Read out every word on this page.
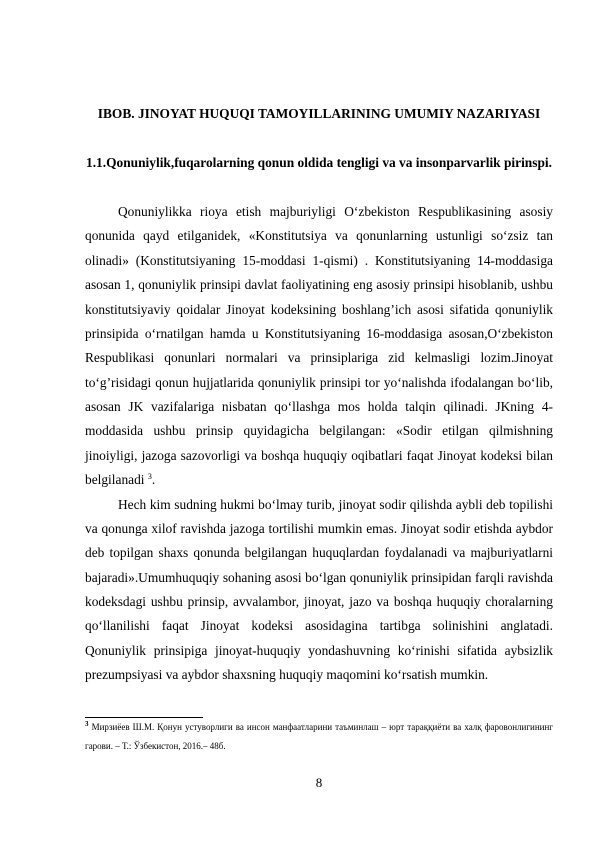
IBOB. JINOYAT HUQUQI TAMOYILLARINING UMUMIY NAZARIYASI
1.1.Qonuniylik,fuqarolarning qonun oldida tengligi va va insonparvarlik pirinspi.

Qonuniylikka rioya etish majburiyligi O‘zbekiston Respublikasining asosiy qonunida qayd etilganidek, «Konstitutsiya va qonunlarning ustunligi so‘zsiz tan olinadi» (Konstitutsiyaning 15-moddasi 1-qismi) . Konstitutsiyaning 14-moddasiga asosan 1, qonuniylik prinsipi davlat faoliyatining eng asosiy prinsipi hisoblanib, ushbu konstitutsiyaviy qoidalar Jinoyat kodeksining boshlang’ich asosi sifatida qonuniylik prinsipida o‘rnatilgan hamda u Konstitutsiyaning 16-moddasiga asosan,O‘zbekiston Respublikasi qonunlari normalari va prinsiplariga zid kelmasligi lozim.Jinoyat to‘g’risidagi qonun hujjatlarida qonuniylik prinsipi tor yo‘nalishda ifodalangan bo‘lib, asosan JK vazifalariga nisbatan qo‘llashga mos holda talqin qilinadi. JKning 4-moddasida ushbu prinsip quyidagicha belgilangan: «Sodir etilgan qilmishning jinoiyligi, jazoga sazovorligi va boshqa huquqiy oqibatlari faqat Jinoyat kodeksi bilan belgilanadi $^3$.

Hech kim sudning hukmi bo‘lmay turib, jinoyat sodir qilishda aybli deb topilishi va qonunga xilof ravishda jazoga tortilishi mumkin emas. Jinoyat sodir etishda aybdor deb topilgan shaxs qonunda belgilangan huquqlardan foydalanadi va majburiyatlarni bajaradi».Umumhuquqiy sohaning asosi bo‘lgan qonuniylik prinsipidan farqli ravishda kodeksdagi ushbu prinsip, avvalambor, jinoyat, jazo va boshqa huquqiy choralarning qo‘llanilishi faqat Jinoyat kodeksi asosidagina tartibga solinishini anglatadi. Qonuniylik prinsipiga jinoyat-huquqiy yondashuvning ko‘rinishi sifatida aybsizlik prezumpsiyasi va aybdor shaxsning huquqiy maqomini ko‘rsatish mumkin.

$^3$ Мирзиёев Ш.М. Қонун устуворлиги ва инсон манфаатларини таъминлаш – юрт тараққиёти ва халқ фаровонлигининг гарови. – Т.: Ўзбекистон, 2016.– 48б.
8
